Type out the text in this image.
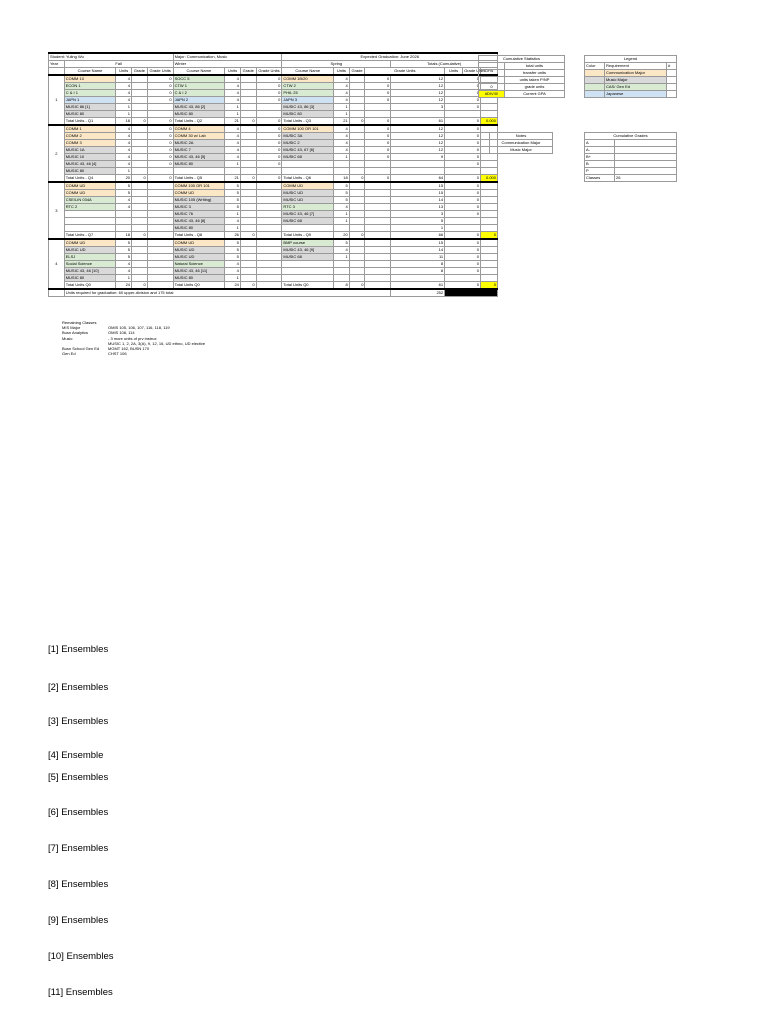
Student: Yuling Wu					Major: Communication, Music				Expected Graduation: June 2026							
Year	Fall				Winter				Spring				Totals (Cumulative)			
	Course Name	Units	Grade	Grade Units	Course Name	Units	Grade	Grade Units	Course Name	Units	Grade	Grade Units		Units	Grade Units	GPA
1	COMM 10	4		0	SOCC 5	4		0	COMM 1B/20	4		0	12	0		
	ECON 1	4		0	CTW 1	4		0	CTW 2	4		0	12	0		
	C & I 1	4		0	C & I 2	4		0	PHIL 25	4		0	12		
	JAPN 1	4		0	JAPN 2	4		0	JAPN 3	4		0	12	0		
	MUSIC 86 [1]	1			MUSIC 43, 86 [2]	1			MUSIC 43, 86 [3]	1			3	0		
	MUSIC 80	1			MUSIC 80	1			MUSIC 80	1						
	Total Units - Q1	18	0	0	Total Units - Q2	21	0	0	Total Units - Q3	21	0	0	61	0		0.000
2	COMM 1	4		0	COMM 4	4		0	COMM 100 OR 101	4		0	12	0		
	COMM 2	4		0	COMM 30 w/ Lab	4		0	MUSIC 3A	4		0	12	0		
	COMM 3	4		0	MUSIC 2A	4		0	MUSIC 2	4		0	12	0		
	MUSIC 1A	4		0	MUSIC 7	4		0	MUSIC 43, 67 [6]	4		0	12	0		
	MUSIC 10	4		0	MUSIC 43, 46 [5]	4		0	MUSIC 68	1		0	9	0		
	MUSIC 43, 46 [4]	4		0	MUSIC 80	1		0						0		
	MUSIC 80	1														
	Total Units - Q4	20	0	0	Total Units - Q5	21	0	0	Total Units - Q6	18	0	0	64	0		0.000
3	COMM UD	5			COMM 100 OR 101	5			COMM UD	5			15	0		
	COMM UD	5			COMM UD	5			MUSIC UD	5			15	0		
	CSE/LIN 034A	4			MUSIC 105 (Writing)	5			MUSIC UD	5			14	0		
	RTC 2	4			MUSIC 3	5			RTC 3	4			13	0		
					MUSIC 76	1			MUSIC 43, 46 [7]	1			3	0		
					MUSIC 43, 46 [8]	4			MUSIC 68	1			5			
					MUSIC 80	1							1			
	Total Units - Q7	18	0		Total Units - Q8	26	0		Total Units - Q9	20	0		66	0		0
4	COMM UD	5			COMM UD	5			BMP course	5			15	0		
	MUSIC UD	5			MUSIC UD	5			MUSIC 43, 46 [9]	4			14	0		
	ELSJ	5			MUSIC UD	5			MUSIC 68	1			11	0		
	Social Science	4			Natural Science	4							8	0		
	MUSIC 43, 46 [10]	4			MUSIC 43, 46 [11]	4							8	0		
	MUSIC 80	1			MUSIC 80	1										
	Total Units Q0	24	0		Total Units Q0	24	0		Total Units Q0	8	0		61	0		0
	Units required for graduation: 60 upper-division and 175 total												252			
Cumulative Statistics	
	total units
	transfer units
	units taken P/NP
0	grade units
#DIV/0!	Current GPA
Legend		
Color	Requirement	#
	Communication Major	
	Music Major	
	CAS/ Gen Ed	
	Japanese	
Notes
Communication Major
Music Major
Cumulative Grades	
A	
A-	
B+	
B	
P	
Classes	26
Remaining Classes
MIS Major	OMIS 105, 106, 107, 116, 118, 119
Busn Analytics	OMIS 108, 114
Music	- 3 more units of prv instrux
MUSIC 1, 2, 2A, 3(A), 9, 12, 16, UD ethno, UD elective
Busn School Gen Ed	MGMT 162, BUSN 170
Gen Ed	CHST 106
[1] Ensembles
[2] Ensembles
[3] Ensembles
[4] Ensemble
[5] Ensembles
[6] Ensembles
[7] Ensembles
[8] Ensembles
[9] Ensembles
[10] Ensembles
[11] Ensembles
